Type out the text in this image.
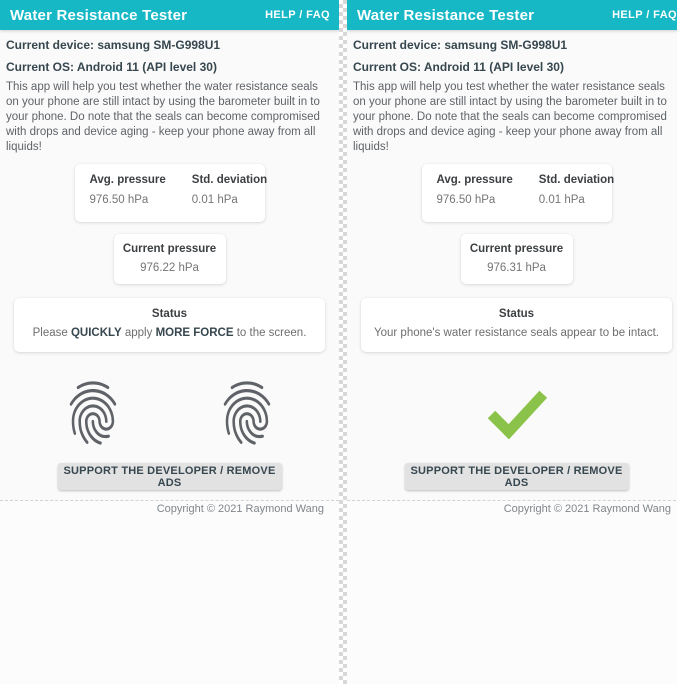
Water Resistance Tester	HELP / FAQ
Current device: samsung SM-G998U1
Current OS: Android 11 (API level 30)
This app will help you test whether the water resistance seals on your phone are still intact by using the barometer built in to your phone. Do note that the seals can become compromised with drops and device aging - keep your phone away from all liquids!
Avg. pressure
976.50 hPa
Std. deviation
0.01 hPa
Current pressure
976.22 hPa
Status
Please QUICKLY apply MORE FORCE to the screen.
SUPPORT THE DEVELOPER / REMOVE ADS
Copyright © 2021 Raymond Wang
Water Resistance Tester	HELP / FAQ
Current device: samsung SM-G998U1
Current OS: Android 11 (API level 30)
This app will help you test whether the water resistance seals on your phone are still intact by using the barometer built in to your phone. Do note that the seals can become compromised with drops and device aging - keep your phone away from all liquids!
Avg. pressure
976.50 hPa
Std. deviation
0.01 hPa
Current pressure
976.31 hPa
Status
Your phone's water resistance seals appear to be intact.
SUPPORT THE DEVELOPER / REMOVE ADS
Copyright © 2021 Raymond Wang
